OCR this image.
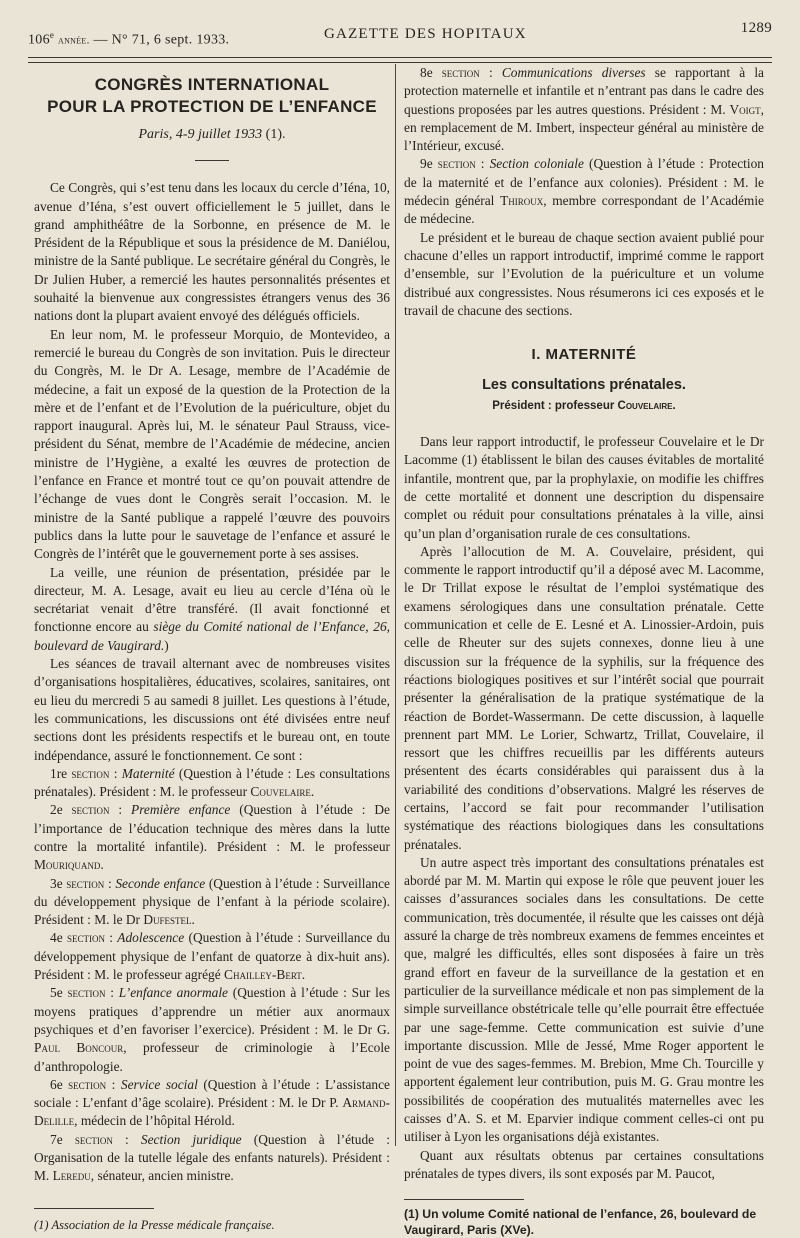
106e année. — N° 71, 6 sept. 1933.	GAZETTE DES HOPITAUX	1289
CONGRÈS INTERNATIONAL
POUR LA PROTECTION DE L’ENFANCE
Paris, 4-9 juillet 1933 (1).

Ce Congrès, qui s’est tenu dans les locaux du cercle d’Iéna, 10, avenue d’Iéna, s’est ouvert officiellement le 5 juillet, dans le grand amphithéâtre de la Sorbonne, en présence de M. le Président de la République et sous la présidence de M. Daniélou, ministre de la Santé publique. Le secrétaire général du Congrès, le Dr Julien Huber, a remercié les hautes personnalités présentes et souhaité la bienvenue aux congressistes étrangers venus des 36 nations dont la plupart avaient envoyé des délégués officiels.

En leur nom, M. le professeur Morquio, de Montevideo, a remercié le bureau du Congrès de son invitation. Puis le directeur du Congrès, M. le Dr A. Lesage, membre de l’Académie de médecine, a fait un exposé de la question de la Protection de la mère et de l’enfant et de l’Evolution de la puériculture, objet du rapport inaugural. Après lui, M. le sénateur Paul Strauss, vice-président du Sénat, membre de l’Académie de médecine, ancien ministre de l’Hygiène, a exalté les œuvres de protection de l’enfance en France et montré tout ce qu’on pouvait attendre de l’échange de vues dont le Congrès serait l’occasion. M. le ministre de la Santé publique a rappelé l’œuvre des pouvoirs publics dans la lutte pour le sauvetage de l’enfance et assuré le Congrès de l’intérêt que le gouvernement porte à ses assises.

La veille, une réunion de présentation, présidée par le directeur, M. A. Lesage, avait eu lieu au cercle d’Iéna où le secrétariat venait d’être transféré. (Il avait fonctionné et fonctionne encore au siège du Comité national de l’Enfance, 26, boulevard de Vaugirard.)

Les séances de travail alternant avec de nombreuses visites d’organisations hospitalières, éducatives, scolaires, sanitaires, ont eu lieu du mercredi 5 au samedi 8 juillet. Les questions à l’étude, les communications, les discussions ont été divisées entre neuf sections dont les présidents respectifs et le bureau ont, en toute indépendance, assuré le fonctionnement. Ce sont :

1re section : Maternité (Question à l’étude : Les consultations prénatales). Président : M. le professeur Couvelaire.

2e section : Première enfance (Question à l’étude : De l’importance de l’éducation technique des mères dans la lutte contre la mortalité infantile). Président : M. le professeur Mouriquand.

3e section : Seconde enfance (Question à l’étude : Surveillance du développement physique de l’enfant à la période scolaire). Président : M. le Dr Dufestel.

4e section : Adolescence (Question à l’étude : Surveillance du développement physique de l’enfant de quatorze à dix-huit ans). Président : M. le professeur agrégé Chailley-Bert.

5e section : L’enfance anormale (Question à l’étude : Sur les moyens pratiques d’apprendre un métier aux anormaux psychiques et d’en favoriser l’exercice). Président : M. le Dr G. Paul Boncour, professeur de criminologie à l’Ecole d’anthropologie.

6e section : Service social (Question à l’étude : L’assistance sociale : L’enfant d’âge scolaire). Président : M. le Dr P. Armand-Delille, médecin de l’hôpital Hérold.

7e section : Section juridique (Question à l’étude : Organisation de la tutelle légale des enfants naturels). Président : M. Leredu, sénateur, ancien ministre.

(1) Association de la Presse médicale française.

8e section : Communications diverses se rapportant à la protection maternelle et infantile et n’entrant pas dans le cadre des questions proposées par les autres questions. Président : M. Voigt, en remplacement de M. Imbert, inspecteur général au ministère de l’Intérieur, excusé.

9e section : Section coloniale (Question à l’étude : Protection de la maternité et de l’enfance aux colonies). Président : M. le médecin général Thiroux, membre correspondant de l’Académie de médecine.

Le président et le bureau de chaque section avaient publié pour chacune d’elles un rapport introductif, imprimé comme le rapport d’ensemble, sur l’Evolution de la puériculture et un volume distribué aux congressistes. Nous résumerons ici ces exposés et le travail de chacune des sections.

I. MATERNITÉ
Les consultations prénatales.
Président : professeur Couvelaire.

Dans leur rapport introductif, le professeur Couvelaire et le Dr Lacomme (1) établissent le bilan des causes évitables de mortalité infantile, montrent que, par la prophylaxie, on modifie les chiffres de cette mortalité et donnent une description du dispensaire complet ou réduit pour consultations prénatales à la ville, ainsi qu’un plan d’organisation rurale de ces consultations.

Après l’allocution de M. A. Couvelaire, président, qui commente le rapport introductif qu’il a déposé avec M. Lacomme, le Dr Trillat expose le résultat de l’emploi systématique des examens sérologiques dans une consultation prénatale. Cette communication et celle de E. Lesné et A. Linossier-Ardoin, puis celle de Rheuter sur des sujets connexes, donne lieu à une discussion sur la fréquence de la syphilis, sur la fréquence des réactions biologiques positives et sur l’intérêt social que pourrait présenter la généralisation de la pratique systématique de la réaction de Bordet-Wassermann. De cette discussion, à laquelle prennent part MM. Le Lorier, Schwartz, Trillat, Couvelaire, il ressort que les chiffres recueillis par les différents auteurs présentent des écarts considérables qui paraissent dus à la variabilité des conditions d’observations. Malgré les réserves de certains, l’accord se fait pour recommander l’utilisation systématique des réactions biologiques dans les consultations prénatales.

Un autre aspect très important des consultations prénatales est abordé par M. M. Martin qui expose le rôle que peuvent jouer les caisses d’assurances sociales dans les consultations. De cette communication, très documentée, il résulte que les caisses ont déjà assuré la charge de très nombreux examens de femmes enceintes et que, malgré les difficultés, elles sont disposées à faire un très grand effort en faveur de la surveillance de la gestation et en particulier de la surveillance médicale et non pas simplement de la simple surveillance obstétricale telle qu’elle pourrait être effectuée par une sage-femme. Cette communication est suivie d’une importante discussion. Mlle de Jessé, Mme Roger apportent le point de vue des sages-femmes. M. Brebion, Mme Ch. Tourcille y apportent également leur contribution, puis M. G. Grau montre les possibilités de coopération des mutualités maternelles avec les caisses d’A. S. et M. Eparvier indique comment celles-ci ont pu utiliser à Lyon les organisations déjà existantes.

Quant aux résultats obtenus par certaines consultations prénatales de types divers, ils sont exposés par M. Paucot,

(1) Un volume Comité national de l’enfance, 26, boulevard de Vaugirard, Paris (XVe).
